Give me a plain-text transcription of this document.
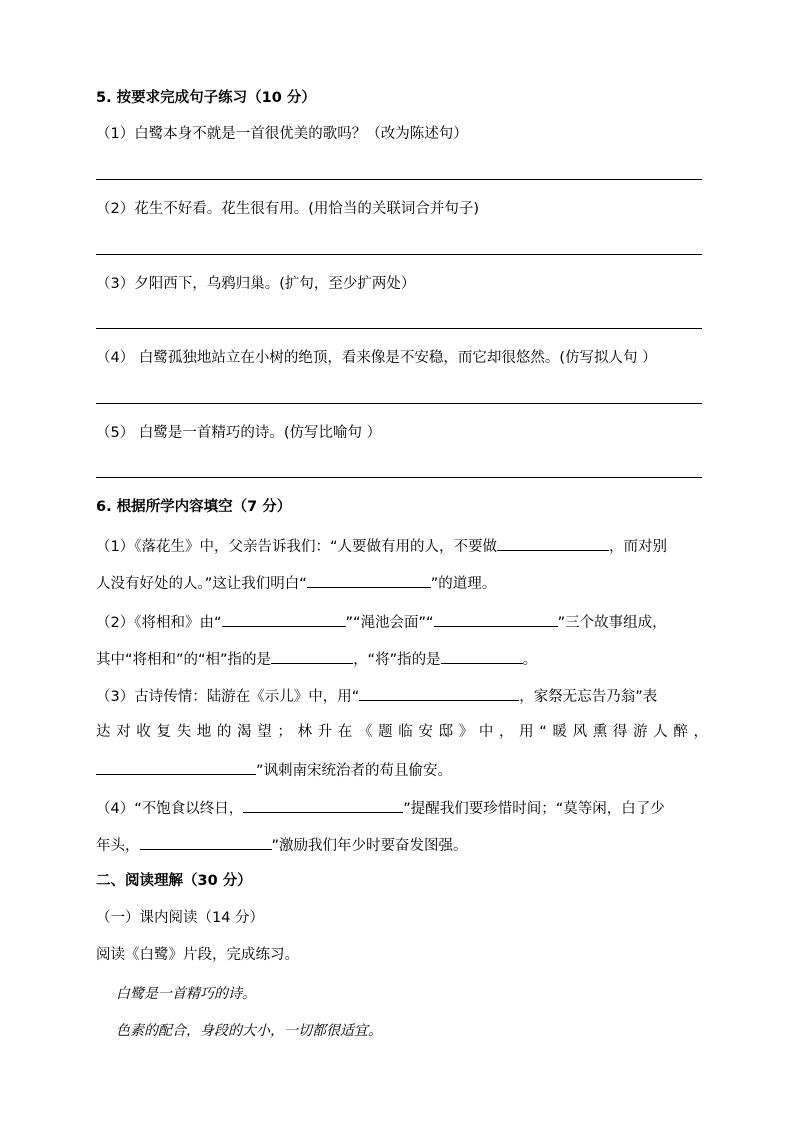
5. 按要求完成句子练习（10 分）
（1）白鹭本身不就是一首很优美的歌吗？（改为陈述句）
（2）花生不好看。花生很有用。(用恰当的关联词合并句子)
（3）夕阳西下，乌鸦归巢。(扩句，至少扩两处）
（4） 白鹭孤独地站立在小树的绝顶，看来像是不安稳，而它却很悠然。(仿写拟人句 ）
（5） 白鹭是一首精巧的诗。(仿写比喻句 ）
6. 根据所学内容填空（7 分）
（1）《落花生》中，父亲告诉我们：“人要做有用的人，不要做	，而对别
人没有好处的人。”这让我们明白“	”的道理。
（2）《将相和》由“	”“渑池会面”“	”三个故事组成，
其中“将相和”的“相”指的是	，“将”指的是	。
（3）古诗传情：陆游在《示儿》中，用“	，家祭无忘告乃翁”表
达对收复失地的渴望；林升在《题临安邸》中，用“暖风熏得游人醉，
”讽刺南宋统治者的苟且偷安。
（4）“不饱食以终日，	”提醒我们要珍惜时间；“莫等闲，白了少
年头，	”激励我们年少时要奋发图强。
二、阅读理解（30 分）
（一）课内阅读（14 分）
阅读《白鹭》片段，完成练习。
白鹭是一首精巧的诗。
色素的配合，身段的大小，一切都很适宜。
